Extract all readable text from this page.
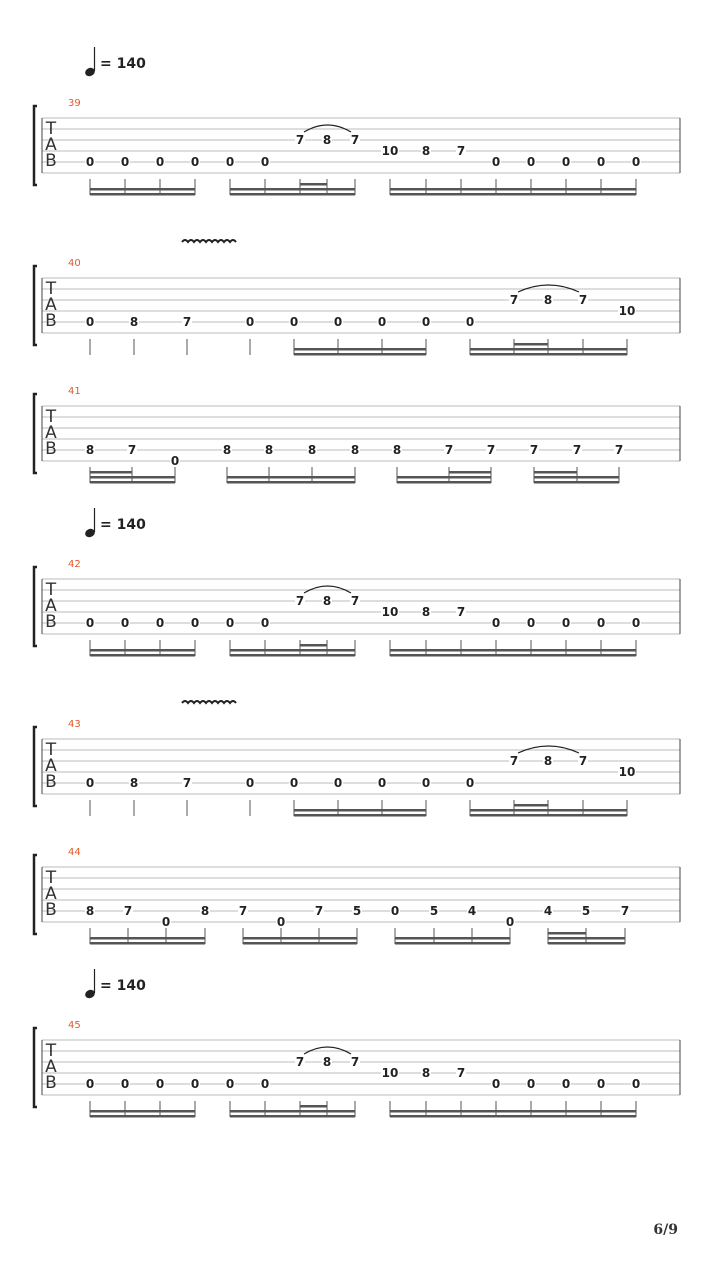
T
A
B
39
= 140
0 0 0 0 0 0
7 8 7
10 8 7
0 0 0 0 0
T
A
B
40
0	8	7	0	0	0	0	0	0
7 8 7
10
T
A
B
41
8	7
0
8	8	8	8	8	7	7	7	7	7
T
A
B
42
= 140
0 0 0 0 0 0
7 8 7
10 8 7
0 0 0 0 0
T
A
B
43
0	8	7	0	0	0	0	0	0
7 8 7
10
T
A
B
44
8 7
0
8 7
0
7 5 0	5 4
0
4 5	7
T
A
B
45
= 140
0 0 0 0 0 0
7 8 7
10 8 7
0 0 0 0 0
6/9
